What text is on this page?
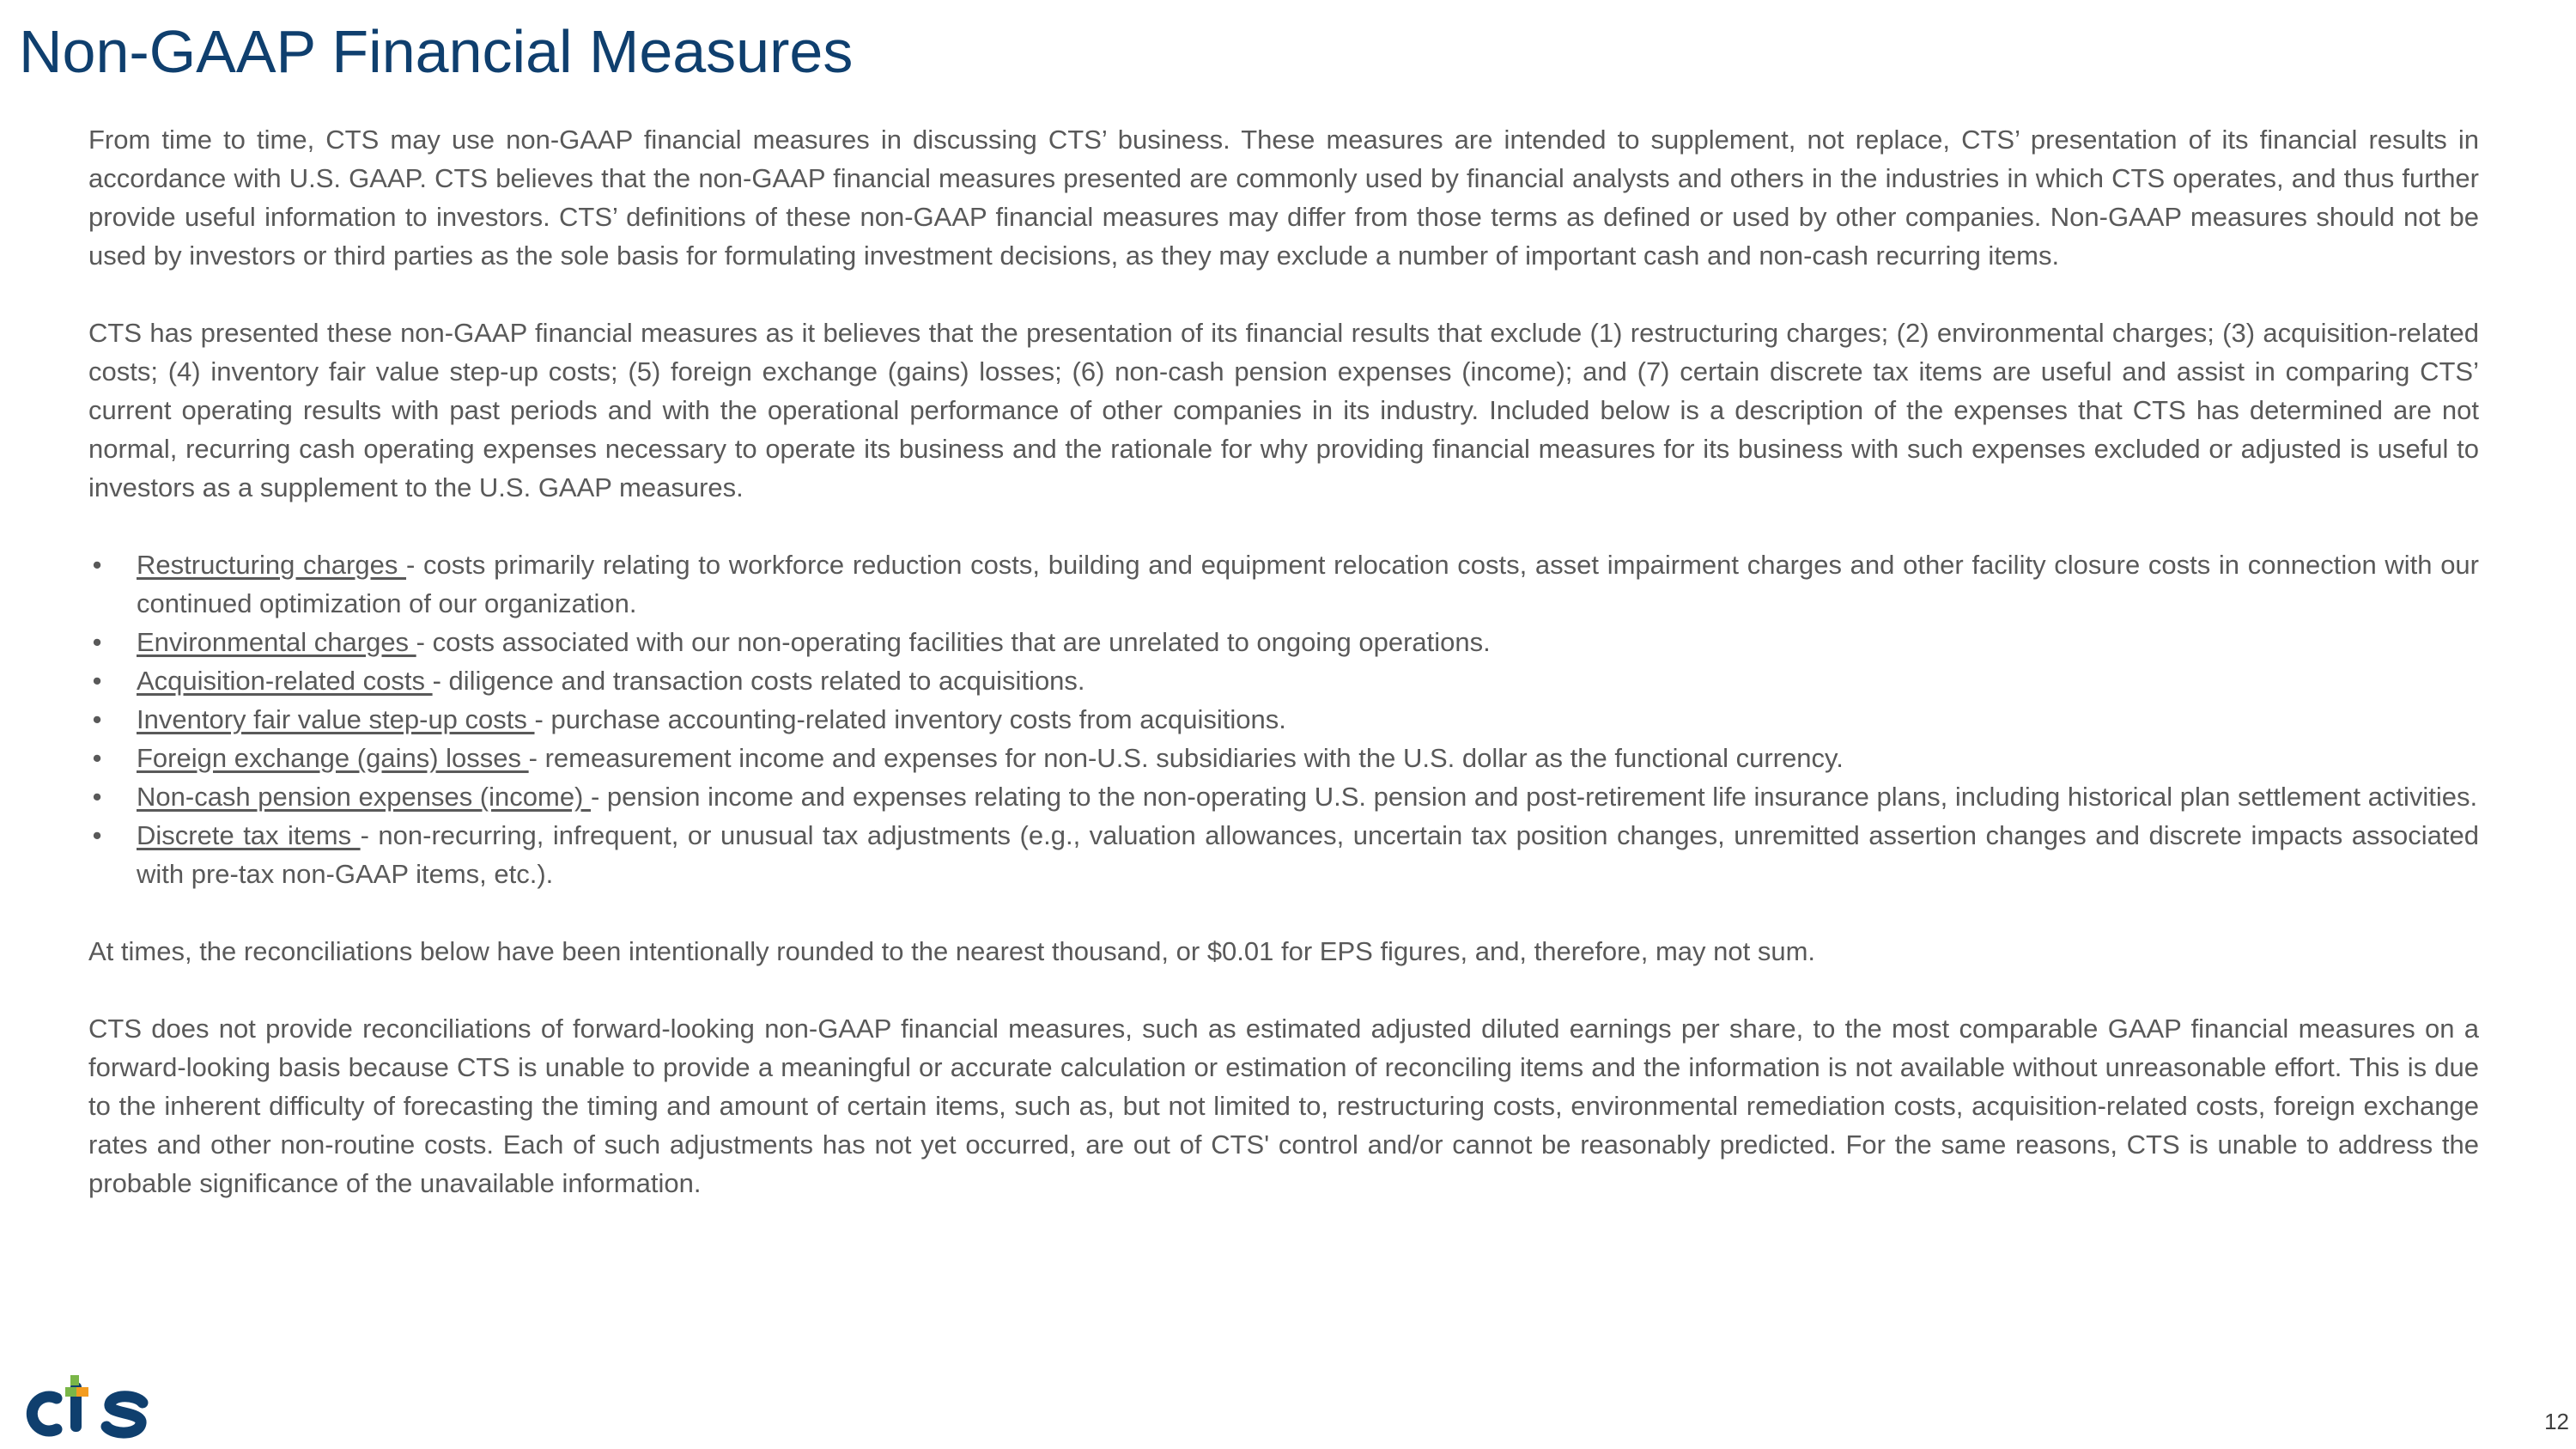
Non-GAAP Financial Measures

From time to time, CTS may use non-GAAP financial measures in discussing CTS’ business. These measures are intended to supplement, not replace, CTS’ presentation of its financial results in accordance with U.S. GAAP. CTS believes that the non-GAAP financial measures presented are commonly used by financial analysts and others in the industries in which CTS operates, and thus further provide useful information to investors. CTS’ definitions of these non-GAAP financial measures may differ from those terms as defined or used by other companies. Non-GAAP measures should not be used by investors or third parties as the sole basis for formulating investment decisions, as they may exclude a number of important cash and non-cash recurring items.

CTS has presented these non-GAAP financial measures as it believes that the presentation of its financial results that exclude (1) restructuring charges; (2) environmental charges; (3) acquisition-related costs; (4) inventory fair value step-up costs; (5) foreign exchange (gains) losses; (6) non-cash pension expenses (income); and (7) certain discrete tax items are useful and assist in comparing CTS’ current operating results with past periods and with the operational performance of other companies in its industry. Included below is a description of the expenses that CTS has determined are not normal, recurring cash operating expenses necessary to operate its business and the rationale for why providing financial measures for its business with such expenses excluded or adjusted is useful to investors as a supplement to the U.S. GAAP measures.

• Restructuring charges - costs primarily relating to workforce reduction costs, building and equipment relocation costs, asset impairment charges and other facility closure costs in connection with our continued optimization of our organization.
• Environmental charges - costs associated with our non-operating facilities that are unrelated to ongoing operations.
• Acquisition-related costs - diligence and transaction costs related to acquisitions.
• Inventory fair value step-up costs - purchase accounting-related inventory costs from acquisitions.
• Foreign exchange (gains) losses - remeasurement income and expenses for non-U.S. subsidiaries with the U.S. dollar as the functional currency.
• Non-cash pension expenses (income) - pension income and expenses relating to the non-operating U.S. pension and post-retirement life insurance plans, including historical plan settlement activities.
• Discrete tax items - non-recurring, infrequent, or unusual tax adjustments (e.g., valuation allowances, uncertain tax position changes, unremitted assertion changes and discrete impacts associated with pre-tax non-GAAP items, etc.).

At times, the reconciliations below have been intentionally rounded to the nearest thousand, or $0.01 for EPS figures, and, therefore, may not sum.

CTS does not provide reconciliations of forward-looking non-GAAP financial measures, such as estimated adjusted diluted earnings per share, to the most comparable GAAP financial measures on a forward-looking basis because CTS is unable to provide a meaningful or accurate calculation or estimation of reconciling items and the information is not available without unreasonable effort. This is due to the inherent difficulty of forecasting the timing and amount of certain items, such as, but not limited to, restructuring costs, environmental remediation costs, acquisition-related costs, foreign exchange rates and other non-routine costs. Each of such adjustments has not yet occurred, are out of CTS' control and/or cannot be reasonably predicted. For the same reasons, CTS is unable to address the probable significance of the unavailable information.

12
